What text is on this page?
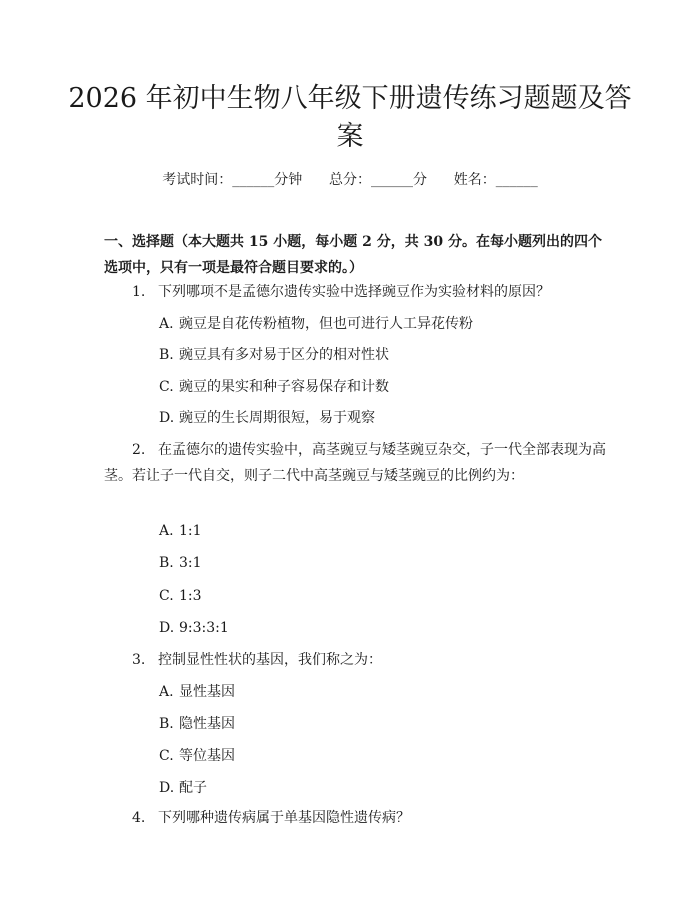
2026 年初中生物八年级下册遗传练习题题及答案
考试时间：______分钟      总分：______分      姓名：______

一、选择题（本大题共 15 小题，每小题 2 分，共 30 分。在每小题列出的四个选项中，只有一项是最符合题目要求的。）

1. 下列哪项不是孟德尔遗传实验中选择豌豆作为实验材料的原因？

A. 豌豆是自花传粉植物，但也可进行人工异花传粉

B. 豌豆具有多对易于区分的相对性状

C. 豌豆的果实和种子容易保存和计数

D. 豌豆的生长周期很短，易于观察

2. 在孟德尔的遗传实验中，高茎豌豆与矮茎豌豆杂交，子一代全部表现为高茎。若让子一代自交，则子二代中高茎豌豆与矮茎豌豆的比例约为：

A. 1:1

B. 3:1

C. 1:3

D. 9:3:3:1

3. 控制显性性状的基因，我们称之为：

A. 显性基因

B. 隐性基因

C. 等位基因

D. 配子

4. 下列哪种遗传病属于单基因隐性遗传病？
